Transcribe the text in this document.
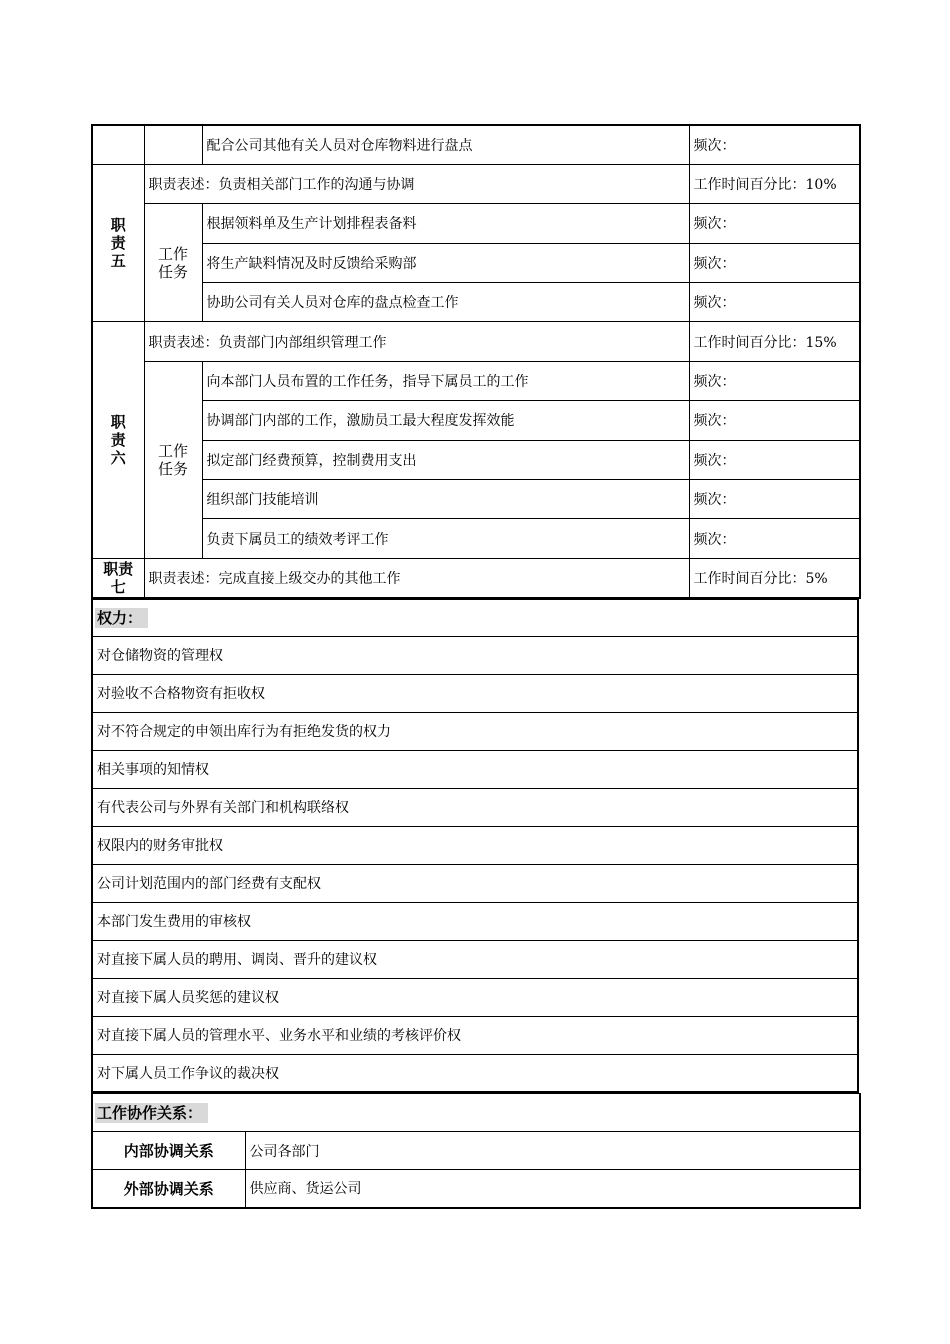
		配合公司其他有关人员对仓库物料进行盘点	频次：
职
责
五	职责表述：负责相关部门工作的沟通与协调		工作时间百分比：10%
	工作
任务	根据领料单及生产计划排程表备料	频次：
		将生产缺料情况及时反馈给采购部	频次：
		协助公司有关人员对仓库的盘点检查工作	频次：
职
责
六	职责表述：负责部门内部组织管理工作		工作时间百分比：15%
	工作
任务	向本部门人员布置的工作任务，指导下属员工的工作	频次：
		协调部门内部的工作，激励员工最大程度发挥效能	频次：
		拟定部门经费预算，控制费用支出	频次：
		组织部门技能培训	频次：
		负责下属员工的绩效考评工作	频次：
职责
七	职责表述：完成直接上级交办的其他工作		工作时间百分比：5%
权力：
对仓储物资的管理权
对验收不合格物资有拒收权
对不符合规定的申领出库行为有拒绝发货的权力
相关事项的知情权
有代表公司与外界有关部门和机构联络权
权限内的财务审批权
公司计划范围内的部门经费有支配权
本部门发生费用的审核权
对直接下属人员的聘用、调岗、晋升的建议权
对直接下属人员奖惩的建议权
对直接下属人员的管理水平、业务水平和业绩的考核评价权
对下属人员工作争议的裁决权
工作协作关系：	
内部协调关系	公司各部门
外部协调关系	供应商、货运公司
